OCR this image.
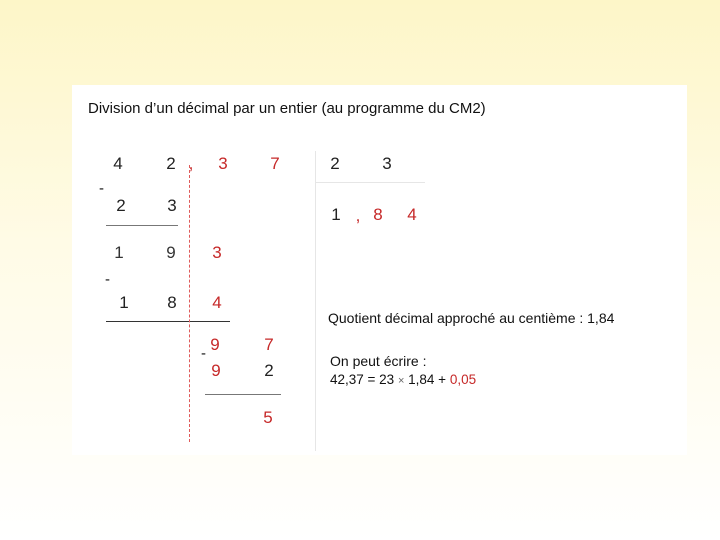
Division d’un décimal par un entier (au programme du CM2)
4	2 ,	3	7	2	3
1 , 8	4
-
2	3
1	9	3
-
1	8	4
9	7
-
9	2
5
Quotient décimal approché au centième : 1,84
On peut écrire :
42,37 = 23 × 1,84 + 0,05
